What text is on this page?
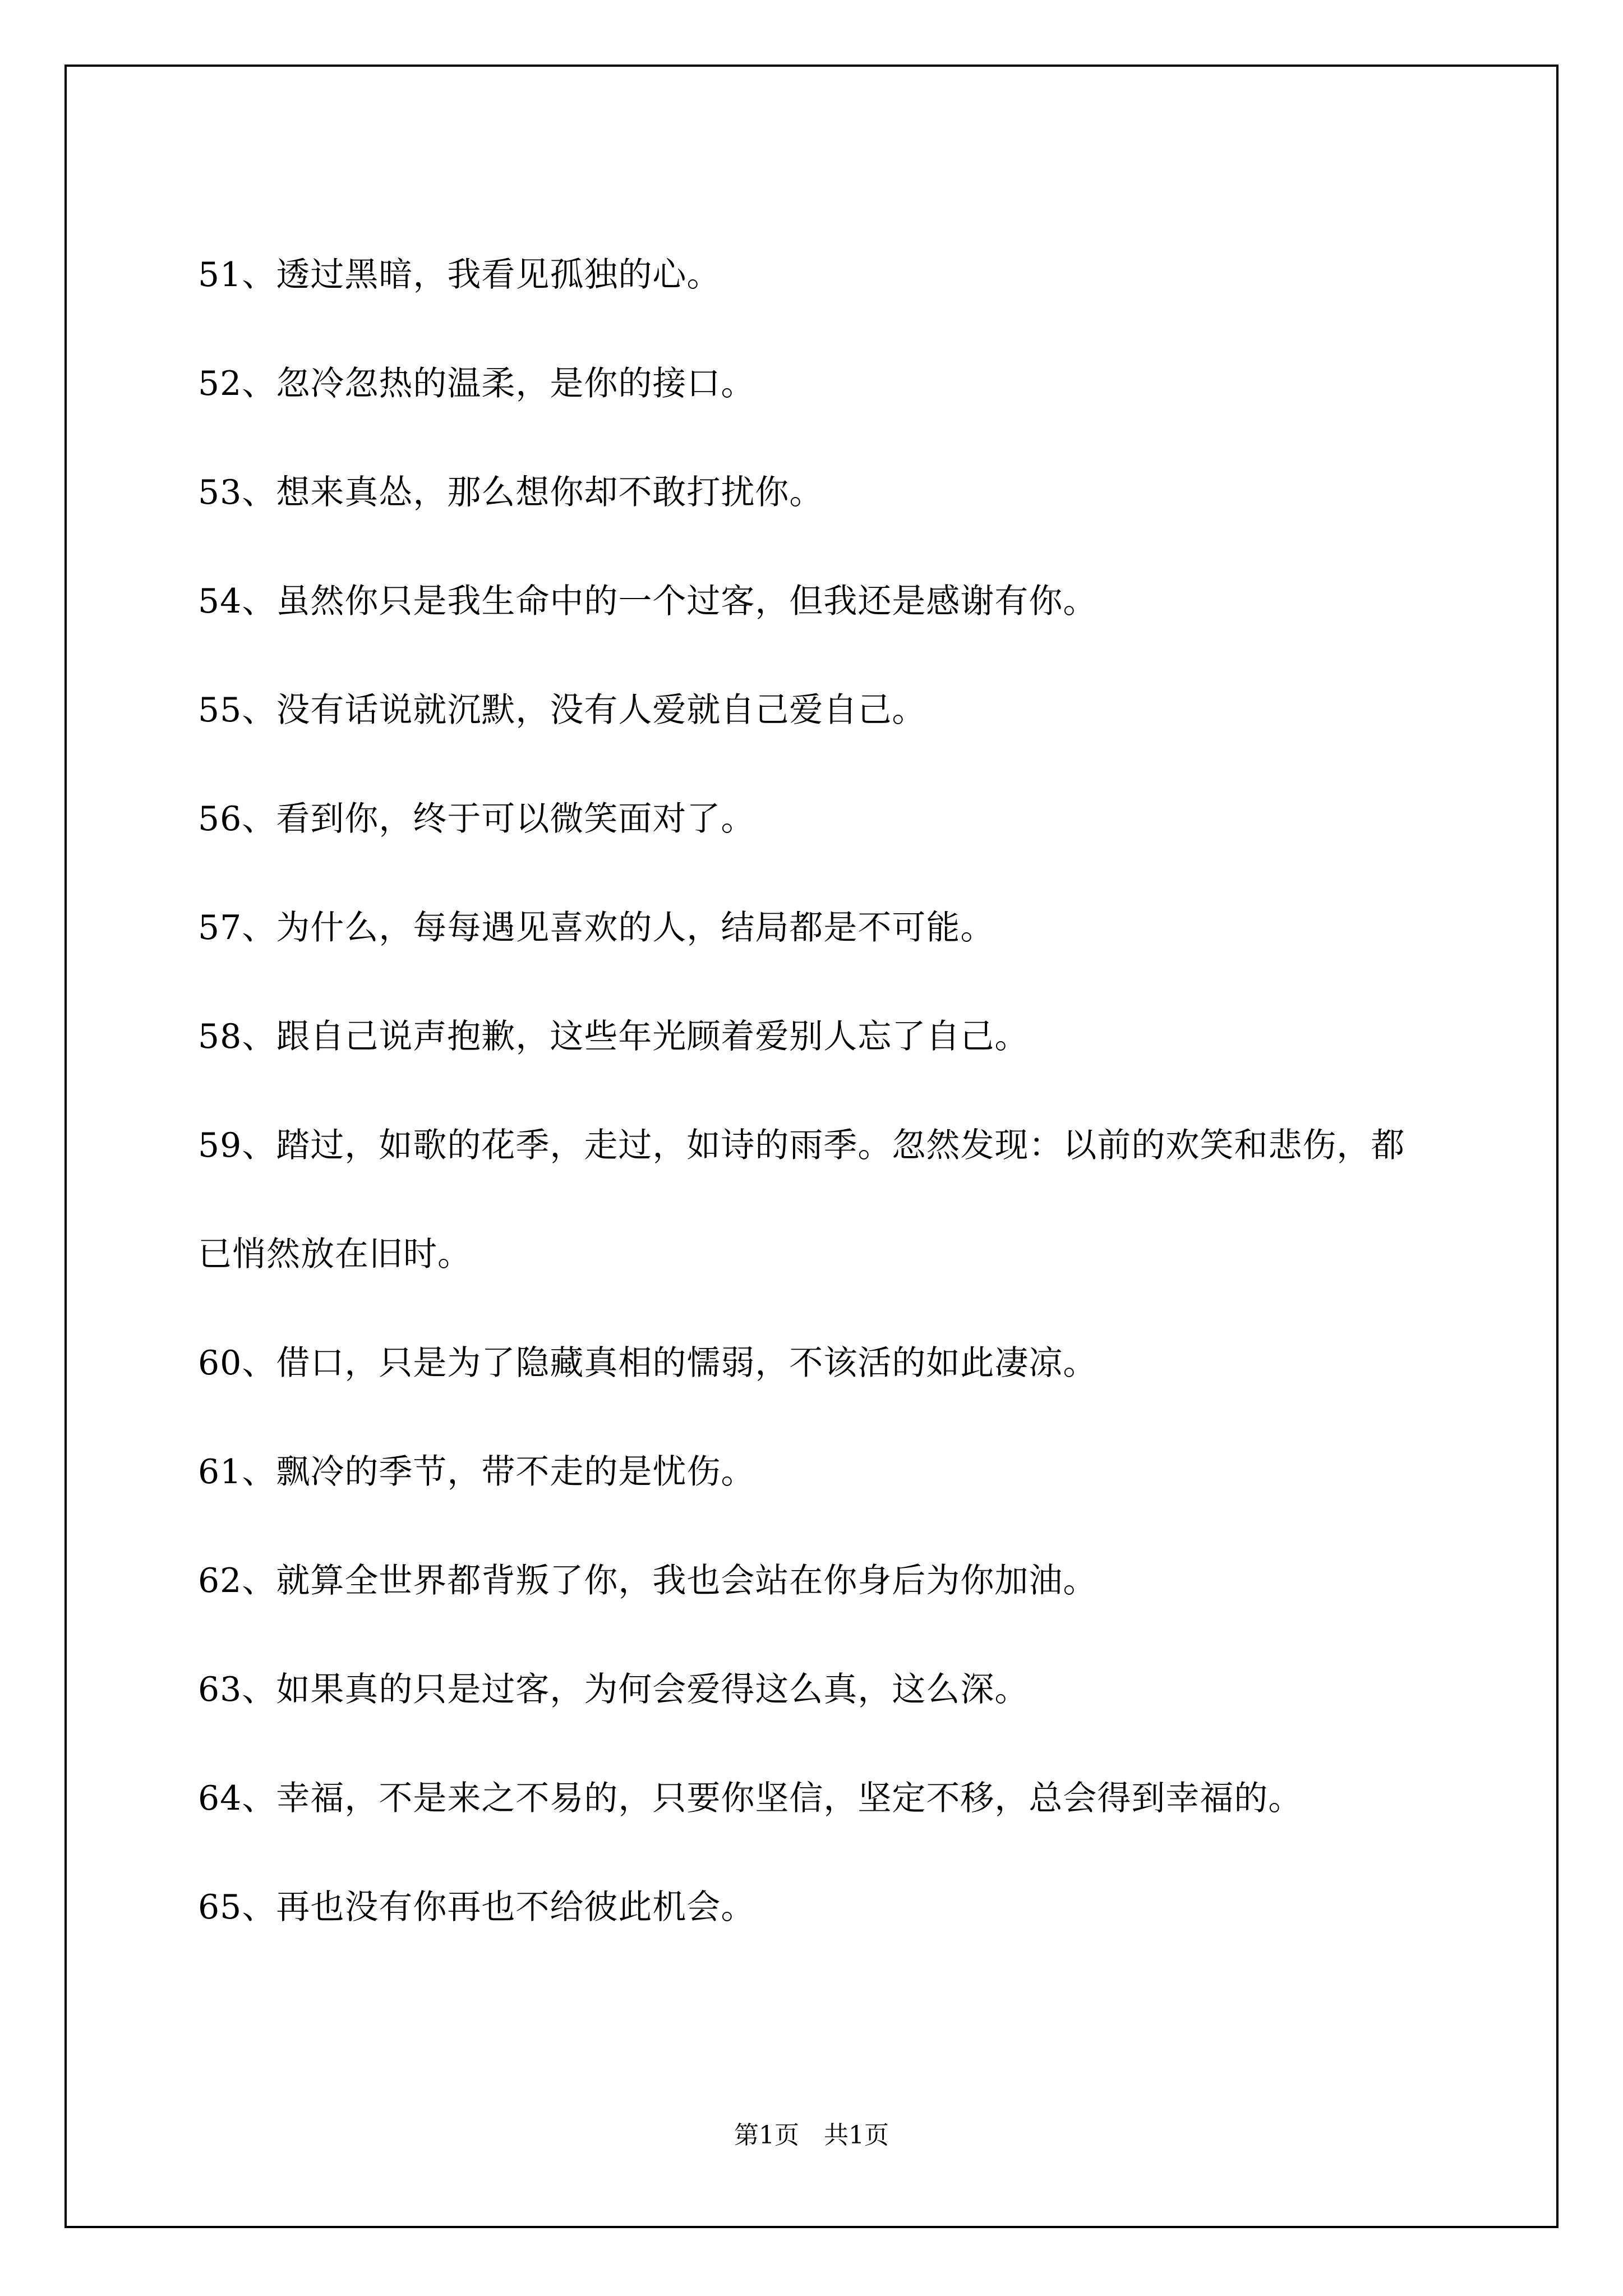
51、透过黑暗，我看见孤独的心。
52、忽冷忽热的温柔，是你的接口。
53、想来真怂，那么想你却不敢打扰你。
54、虽然你只是我生命中的一个过客，但我还是感谢有你。
55、没有话说就沉默，没有人爱就自己爱自己。
56、看到你，终于可以微笑面对了。
57、为什么，每每遇见喜欢的人，结局都是不可能。
58、跟自己说声抱歉，这些年光顾着爱别人忘了自己。
59、踏过，如歌的花季，走过，如诗的雨季。忽然发现：以前的欢笑和悲伤，都已悄然放在旧时。
60、借口，只是为了隐藏真相的懦弱，不该活的如此凄凉。
61、飘冷的季节，带不走的是忧伤。
62、就算全世界都背叛了你，我也会站在你身后为你加油。
63、如果真的只是过客，为何会爱得这么真，这么深。
64、幸福，不是来之不易的，只要你坚信，坚定不移，总会得到幸福的。
65、再也没有你再也不给彼此机会。
第1页　共1页
